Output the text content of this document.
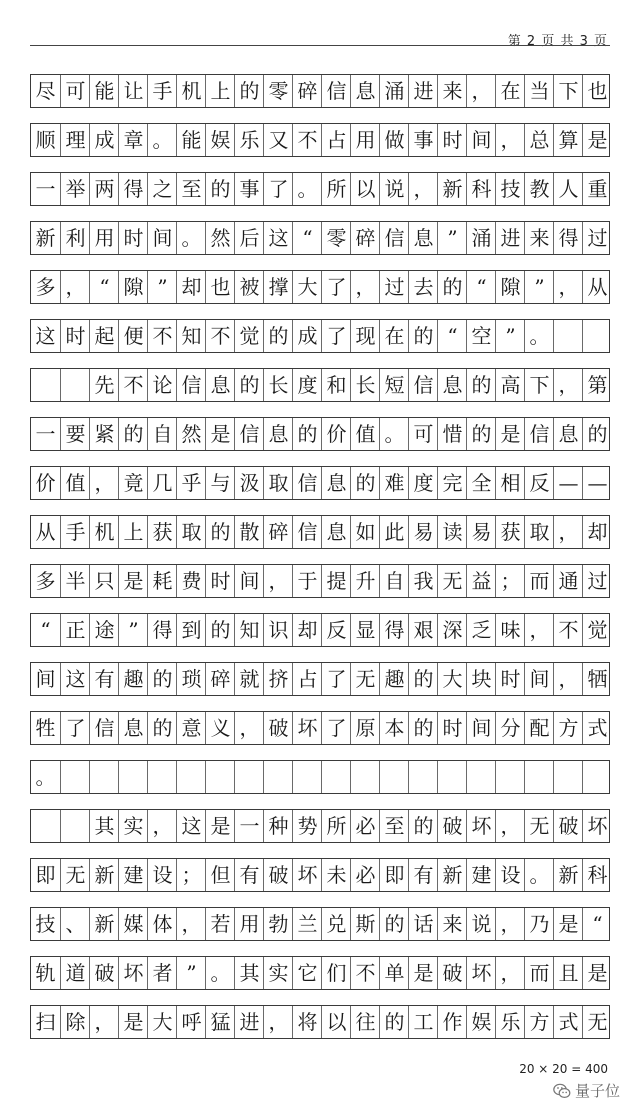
第 2 页 共 3 页
尽 可 能 让 手 机 上 的 零 碎 信 息 涌 进 来 ， 在 当 下 也
顺 理 成 章 。 能 娱 乐 又 不 占 用 做 事 时 间 ， 总 算 是
一 举 两 得 之 至 的 事 了 。 所 以 说 ， 新 科 技 教 人 重
新 利 用 时 间 。 然 后 这 “ 零 碎 信 息 ” 涌 进 来 得 过
多 ， “ 隙 ” 却 也 被 撑 大 了 ， 过 去 的 “ 隙 ” ， 从
这 时 起 便 不 知 不 觉 的 成 了 现 在 的 “ 空 ” 。
先 不 论 信 息 的 长 度 和 长 短 信 息 的 高 下 ， 第
一 要 紧 的 自 然 是 信 息 的 价 值 。 可 惜 的 是 信 息 的
价 值 ， 竟 几 乎 与 汲 取 信 息 的 难 度 完 全 相 反 — —
从 手 机 上 获 取 的 散 碎 信 息 如 此 易 读 易 获 取 ， 却
多 半 只 是 耗 费 时 间 ， 于 提 升 自 我 无 益 ； 而 通 过
“ 正 途 ” 得 到 的 知 识 却 反 显 得 艰 深 乏 味 ， 不 觉
间 这 有 趣 的 琐 碎 就 挤 占 了 无 趣 的 大 块 时 间 ， 牺
牲 了 信 息 的 意 义 ， 破 坏 了 原 本 的 时 间 分 配 方 式
。
其 实 ， 这 是 一 种 势 所 必 至 的 破 坏 ， 无 破 坏
即 无 新 建 设 ； 但 有 破 坏 未 必 即 有 新 建 设 。 新 科
技 、 新 媒 体 ， 若 用 勃 兰 兑 斯 的 话 来 说 ， 乃 是 “
轨 道 破 坏 者 ” 。 其 实 它 们 不 单 是 破 坏 ， 而 且 是
扫 除 ， 是 大 呼 猛 进 ， 将 以 往 的 工 作 娱 乐 方 式 无
20 × 20 = 400
量子位
